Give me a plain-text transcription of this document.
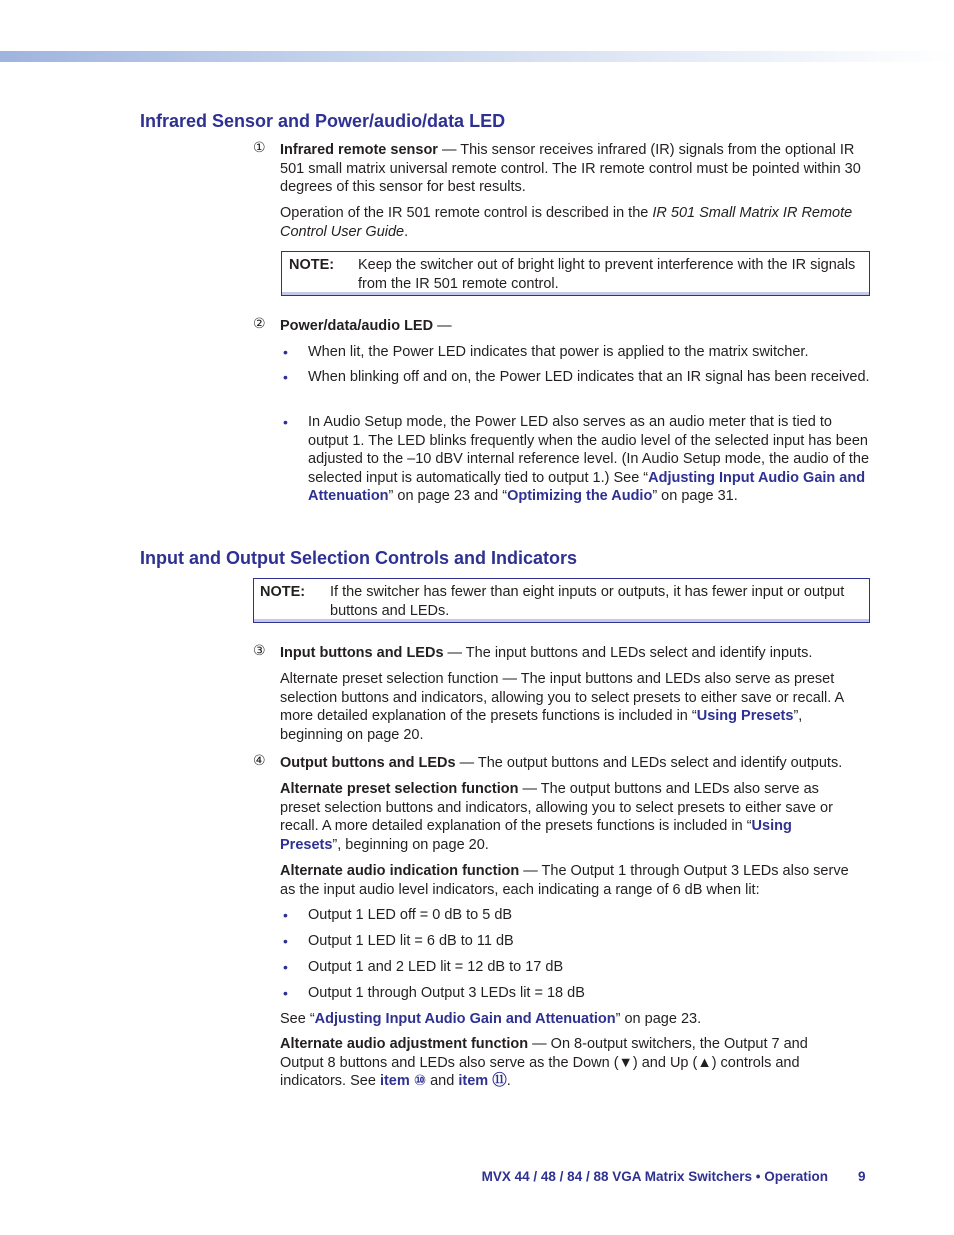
Infrared Sensor and Power/audio/data LED
① Infrared remote sensor — This sensor receives infrared (IR) signals from the optional IR 501 small matrix universal remote control. The IR remote control must be pointed within 30 degrees of this sensor for best results.

Operation of the IR 501 remote control is described in the IR 501 Small Matrix IR Remote Control User Guide.

NOTE: Keep the switcher out of bright light to prevent interference with the IR signals from the IR 501 remote control.
② Power/data/audio LED —

• When lit, the Power LED indicates that power is applied to the matrix switcher.

• When blinking off and on, the Power LED indicates that an IR signal has been received.

• In Audio Setup mode, the Power LED also serves as an audio meter that is tied to output 1. The LED blinks frequently when the audio level of the selected input has been adjusted to the –10 dBV internal reference level. (In Audio Setup mode, the audio of the selected input is automatically tied to output 1.) See “Adjusting Input Audio Gain and Attenuation” on page 23 and “Optimizing the Audio” on page 31.

Input and Output Selection Controls and Indicators
NOTE: If the switcher has fewer than eight inputs or outputs, it has fewer input or output buttons and LEDs.
③ Input buttons and LEDs — The input buttons and LEDs select and identify inputs.

Alternate preset selection function — The input buttons and LEDs also serve as preset selection buttons and indicators, allowing you to select presets to either save or recall. A more detailed explanation of the presets functions is included in “Using Presets”, beginning on page 20.

④ Output buttons and LEDs — The output buttons and LEDs select and identify outputs.

Alternate preset selection function — The output buttons and LEDs also serve as preset selection buttons and indicators, allowing you to select presets to either save or recall. A more detailed explanation of the presets functions is included in “Using Presets”, beginning on page 20.

Alternate audio indication function — The Output 1 through Output 3 LEDs also serve as the input audio level indicators, each indicating a range of 6 dB when lit:

• Output 1 LED off = 0 dB to 5 dB

• Output 1 LED lit = 6 dB to 11 dB

• Output 1 and 2 LED lit = 12 dB to 17 dB

• Output 1 through Output 3 LEDs lit = 18 dB

See “Adjusting Input Audio Gain and Attenuation” on page 23.

Alternate audio adjustment function — On 8-output switchers, the Output 7 and Output 8 buttons and LEDs also serve as the Down (▼) and Up (▲) controls and indicators. See item ⑩ and item ⑪.

MVX 44 / 48 / 84 / 88 VGA Matrix Switchers • Operation 9
